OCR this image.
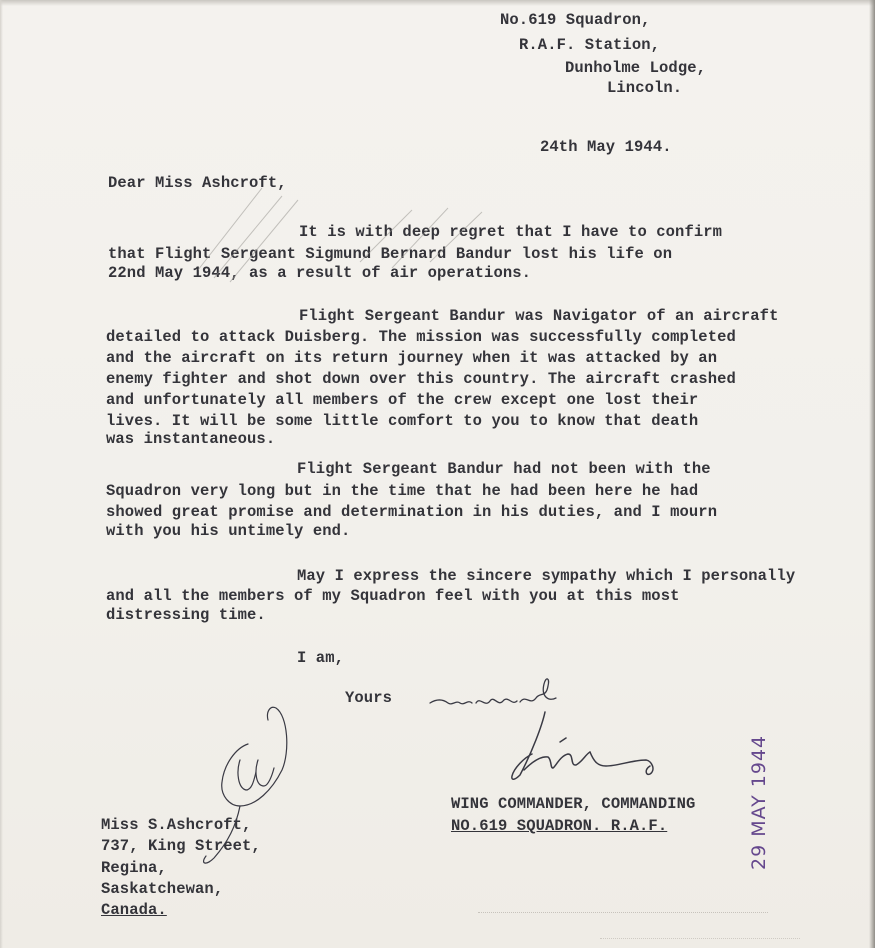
No.619 Squadron,
R.A.F. Station,
Dunholme Lodge,
Lincoln.
24th May 1944.
Dear Miss Ashcroft,
It is with deep regret that I have to confirm
that Flight Sergeant Sigmund Bernard Bandur lost his life on
22nd May 1944, as a result of air operations.
Flight Sergeant Bandur was Navigator of an aircraft
detailed to attack Duisberg. The mission was successfully completed
and the aircraft on its return journey when it was attacked by an
enemy fighter and shot down over this country. The aircraft crashed
and unfortunately all members of the crew except one lost their
lives. It will be some little comfort to you to know that death
was instantaneous.
Flight Sergeant Bandur had not been with the
Squadron very long but in the time that he had been here he had
showed great promise and determination in his duties, and I mourn
with you his untimely end.
May I express the sincere sympathy which I personally
and all the members of my Squadron feel with you at this most
distressing time.
I am,
Yours
WING COMMANDER, COMMANDING
NO.619 SQUADRON. R.A.F.
Miss S.Ashcroft,
737, King Street,
Regina,
Saskatchewan,
Canada.
29 MAY 1944
